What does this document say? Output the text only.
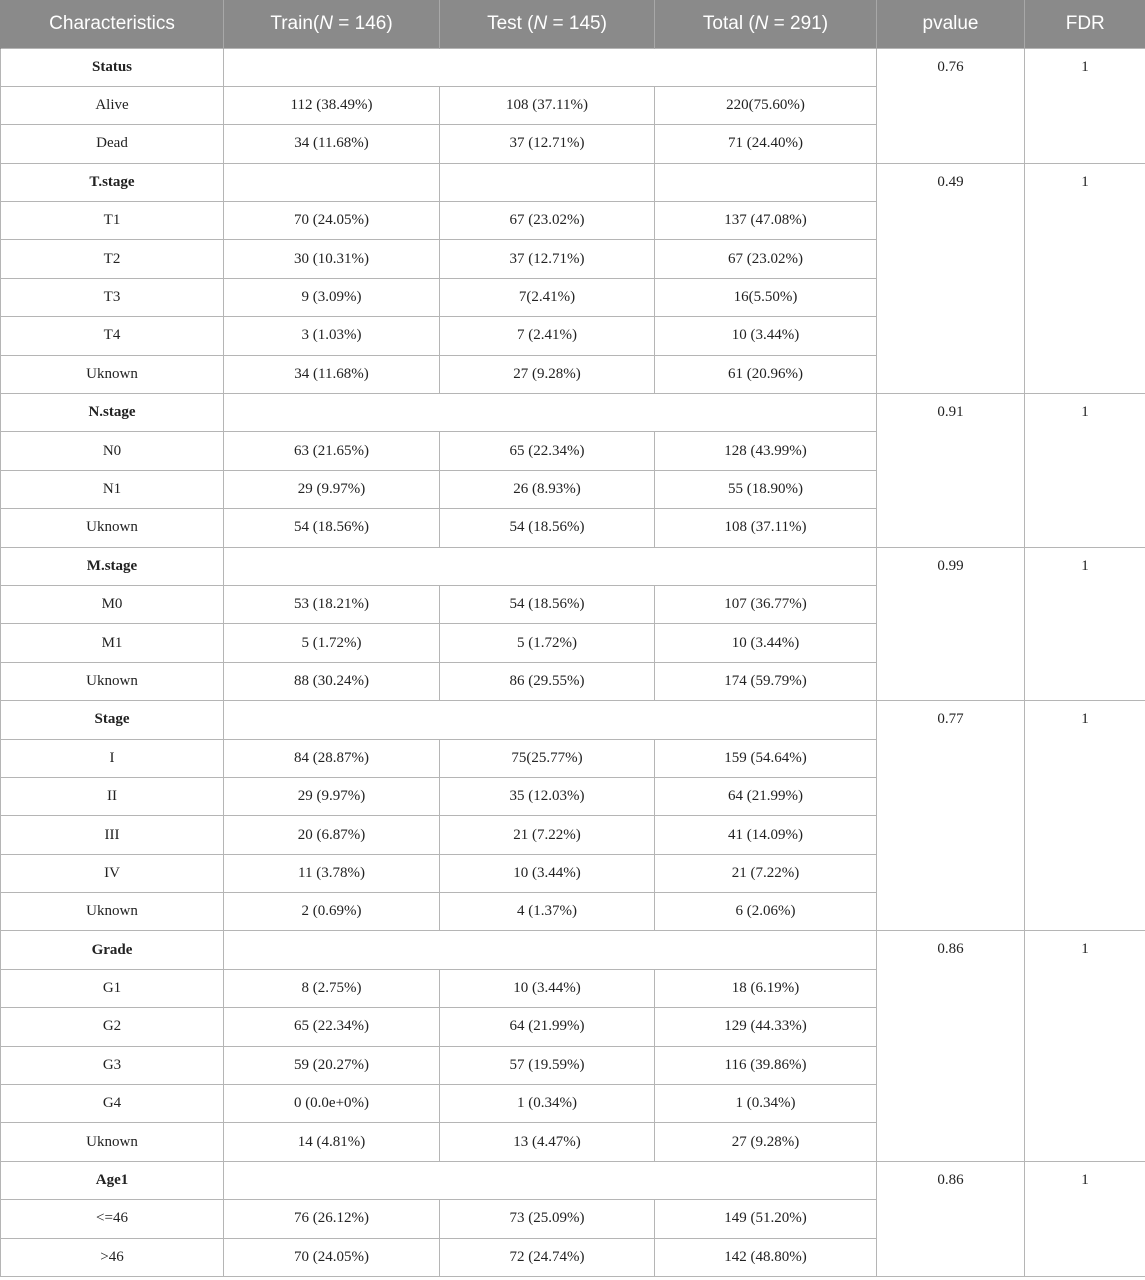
Characteristics	Train(N = 146)	Test (N = 145)	Total (N = 291)	pvalue	FDR
Status				0.76	1
Alive	112 (38.49%)	108 (37.11%)	220(75.60%)		
Dead	34 (11.68%)	37 (12.71%)	71 (24.40%)		
T.stage				0.49	1
T1	70 (24.05%)	67 (23.02%)	137 (47.08%)		
T2	30 (10.31%)	37 (12.71%)	67 (23.02%)		
T3	9 (3.09%)	7(2.41%)	16(5.50%)		
T4	3 (1.03%)	7 (2.41%)	10 (3.44%)		
Uknown	34 (11.68%)	27 (9.28%)	61 (20.96%)		
N.stage				0.91	1
N0	63 (21.65%)	65 (22.34%)	128 (43.99%)		
N1	29 (9.97%)	26 (8.93%)	55 (18.90%)		
Uknown	54 (18.56%)	54 (18.56%)	108 (37.11%)		
M.stage				0.99	1
M0	53 (18.21%)	54 (18.56%)	107 (36.77%)		
M1	5 (1.72%)	5 (1.72%)	10 (3.44%)		
Uknown	88 (30.24%)	86 (29.55%)	174 (59.79%)		
Stage				0.77	1
I	84 (28.87%)	75(25.77%)	159 (54.64%)		
II	29 (9.97%)	35 (12.03%)	64 (21.99%)		
III	20 (6.87%)	21 (7.22%)	41 (14.09%)		
IV	11 (3.78%)	10 (3.44%)	21 (7.22%)		
Uknown	2 (0.69%)	4 (1.37%)	6 (2.06%)		
Grade				0.86	1
G1	8 (2.75%)	10 (3.44%)	18 (6.19%)		
G2	65 (22.34%)	64 (21.99%)	129 (44.33%)		
G3	59 (20.27%)	57 (19.59%)	116 (39.86%)		
G4	0 (0.0e+0%)	1 (0.34%)	1 (0.34%)		
Uknown	14 (4.81%)	13 (4.47%)	27 (9.28%)		
Age1				0.86	1
<=46	76 (26.12%)	73 (25.09%)	149 (51.20%)		
>46	70 (24.05%)	72 (24.74%)	142 (48.80%)		
